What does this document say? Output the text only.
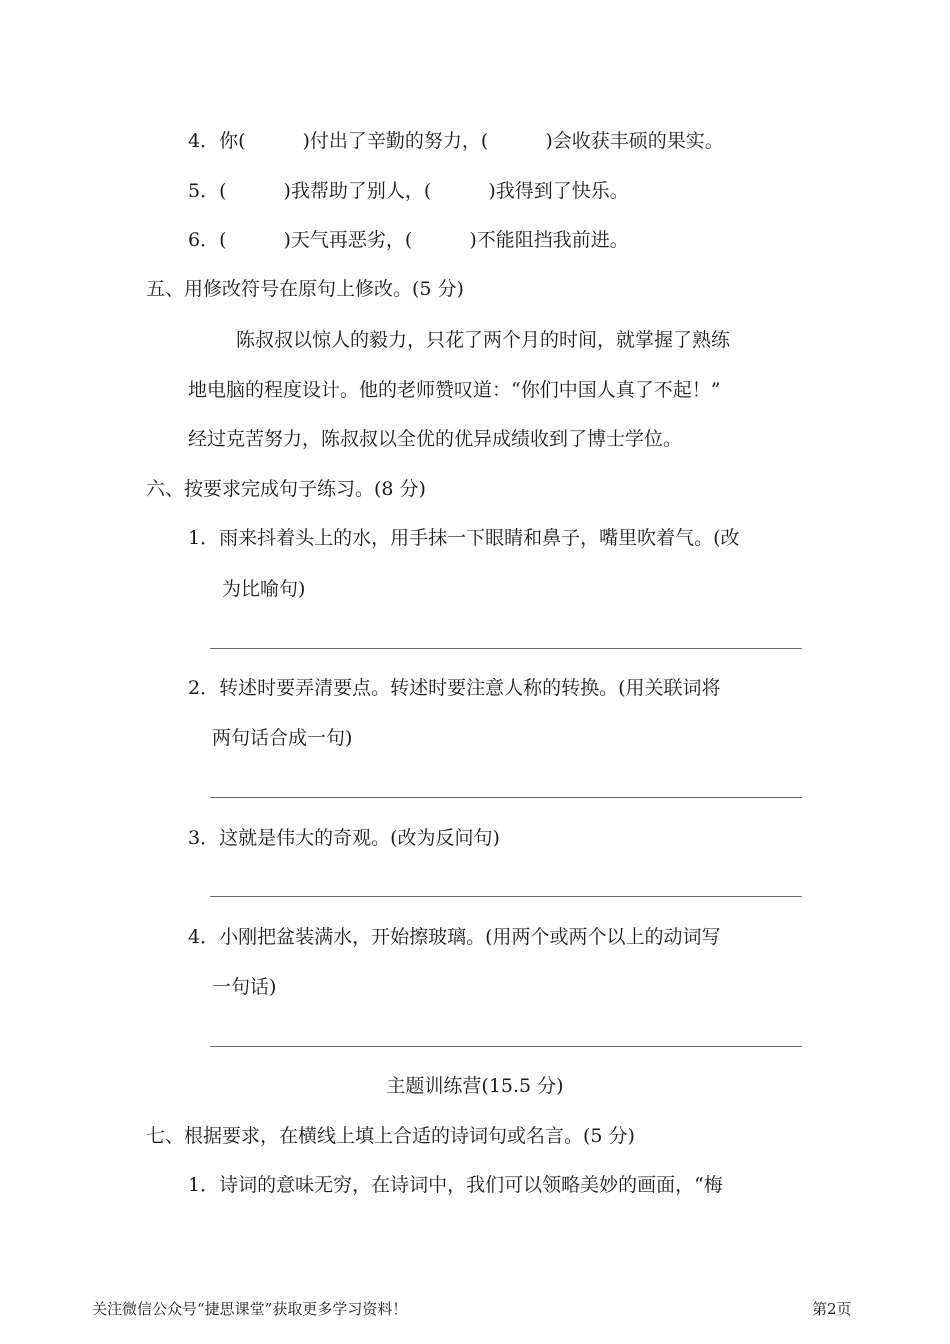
4．你(　　　)付出了辛勤的努力，(　　　)会收获丰硕的果实。
5．(　　　)我帮助了别人，(　　　)我得到了快乐。
6．(　　　)天气再恶劣，(　　　)不能阻挡我前进。
五、用修改符号在原句上修改。(5 分)
陈叔叔以惊人的毅力，只花了两个月的时间，就掌握了熟练
地电脑的程度设计。他的老师赞叹道：“你们中国人真了不起！”
经过克苦努力，陈叔叔以全优的优异成绩收到了博士学位。
六、按要求完成句子练习。(8 分)
1．雨来抖着头上的水，用手抹一下眼睛和鼻子，嘴里吹着气。(改
为比喻句)
2．转述时要弄清要点。转述时要注意人称的转换。(用关联词将
两句话合成一句)
3．这就是伟大的奇观。(改为反问句)
4．小刚把盆装满水，开始擦玻璃。(用两个或两个以上的动词写
一句话)
主题训练营(15.5 分)
七、根据要求，在横线上填上合适的诗词句或名言。(5 分)
1．诗词的意味无穷，在诗词中，我们可以领略美妙的画面，“梅
关注微信公众号“捷思课堂”获取更多学习资料！	第2页
